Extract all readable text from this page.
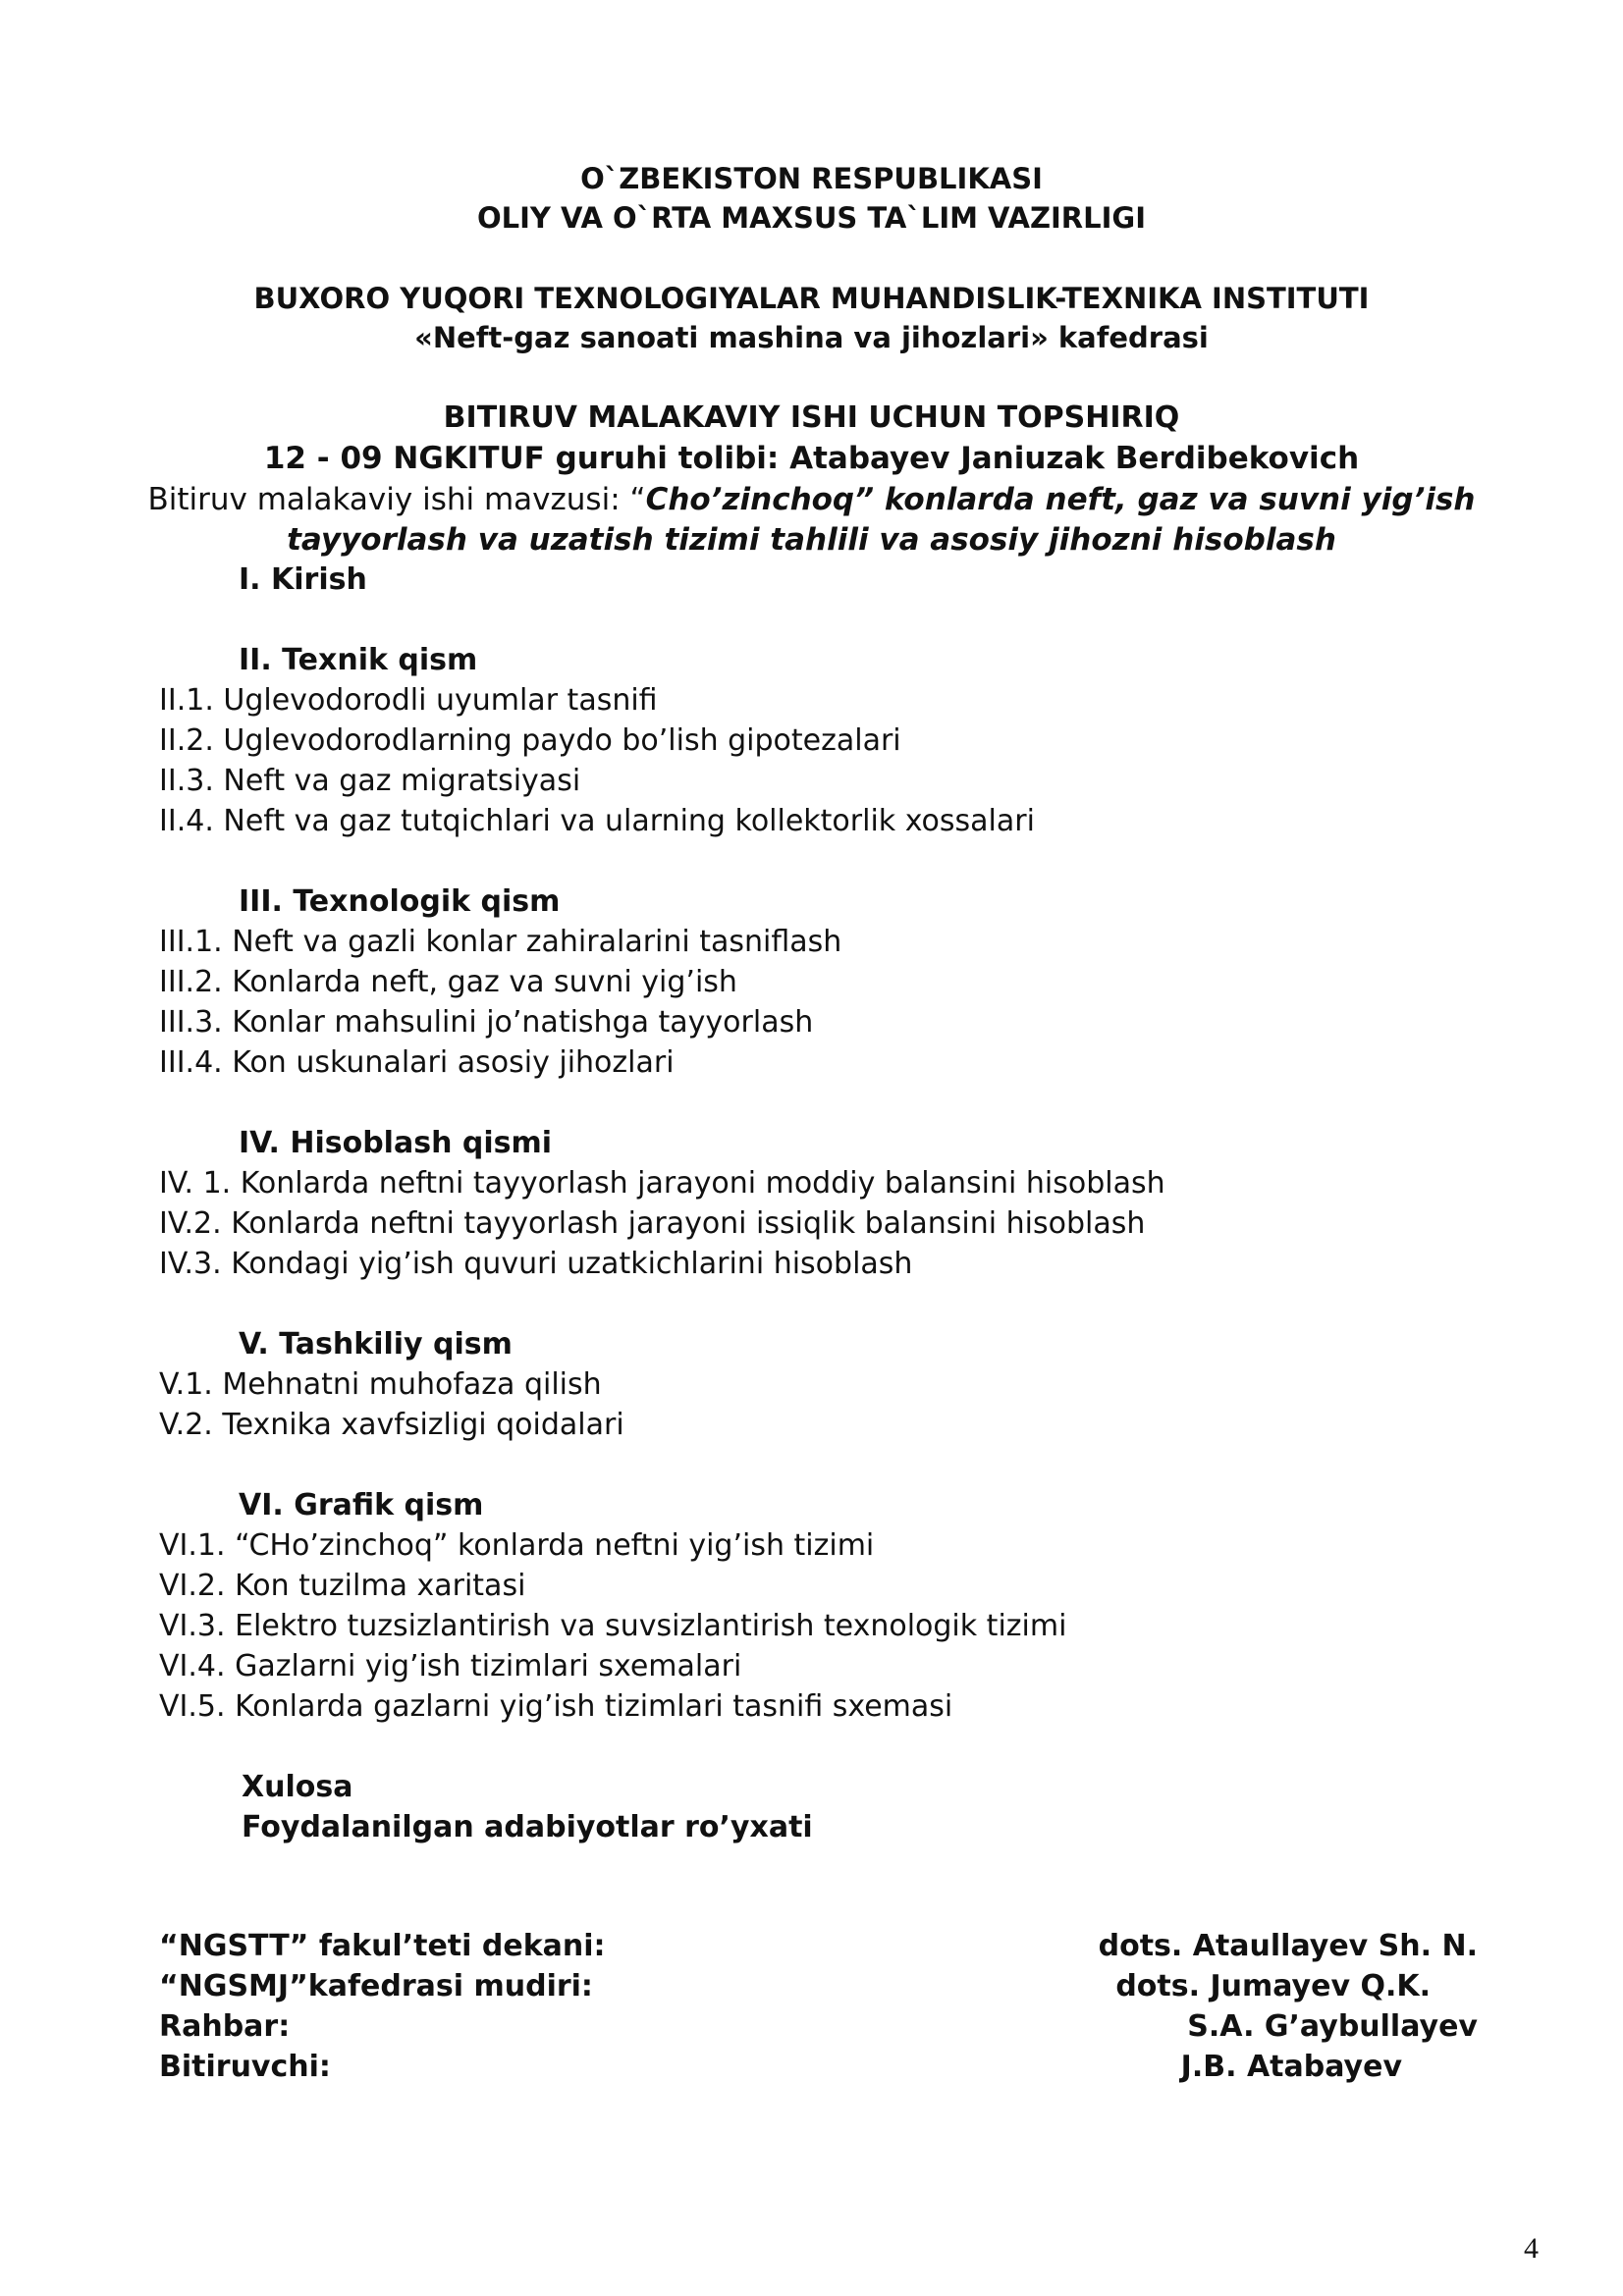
O`ZBEKISTON RESPUBLIKASI
OLIY VA O`RTA MAXSUS TA`LIM VAZIRLIGI
BUXORO YUQORI TEXNOLOGIYALAR MUHANDISLIK-TEXNIKA INSTITUTI
«Neft-gaz sanoati mashina va jihozlari» kafedrasi
BITIRUV MALAKAVIY ISHI UCHUN TOPSHIRIQ
12 - 09 NGKITUF guruhi tolibi: Atabayev Janiuzak Berdibekovich
Bitiruv malakaviy ishi mavzusi: “Cho’zinchoq” konlarda neft, gaz va suvni yig’ish
tayyorlash va uzatish tizimi tahlili va asosiy jihozni hisoblash
I. Kirish
II. Texnik qism
II.1. Uglevodorodli uyumlar tasnifi
II.2. Uglevodorodlarning paydo bo’lish gipotezalari
II.3. Neft va gaz migratsiyasi
II.4. Neft va gaz tutqichlari va ularning kollektorlik xossalari
III. Texnologik qism
III.1. Neft va gazli konlar zahiralarini tasniflash
III.2. Konlarda neft, gaz va suvni yig’ish
III.3. Konlar mahsulini jo’natishga tayyorlash
III.4. Kon uskunalari asosiy jihozlari
IV. Hisoblash qismi
IV. 1. Konlarda neftni tayyorlash jarayoni moddiy balansini hisoblash
IV.2. Konlarda neftni tayyorlash jarayoni issiqlik balansini hisoblash
IV.3. Kondagi yig’ish quvuri uzatkichlarini hisoblash
V. Tashkiliy qism
V.1. Mehnatni muhofaza qilish
V.2. Texnika xavfsizligi qoidalari
VI. Grafik qism
VI.1. “CHo’zinchoq” konlarda neftni yig’ish tizimi
VI.2. Kon tuzilma xaritasi
VI.3. Elektro tuzsizlantirish va suvsizlantirish texnologik tizimi
VI.4. Gazlarni yig’ish tizimlari sxemalari
VI.5. Konlarda gazlarni yig’ish tizimlari tasnifi sxemasi
Xulosa
Foydalanilgan adabiyotlar ro’yxati
“NGSTT” fakul’teti dekani:	dots. Ataullayev Sh. N.
“NGSMJ”kafedrasi mudiri:	dots. Jumayev Q.K.
Rahbar:	S.A. G’aybullayev
Bitiruvchi:	J.B. Atabayev
4
